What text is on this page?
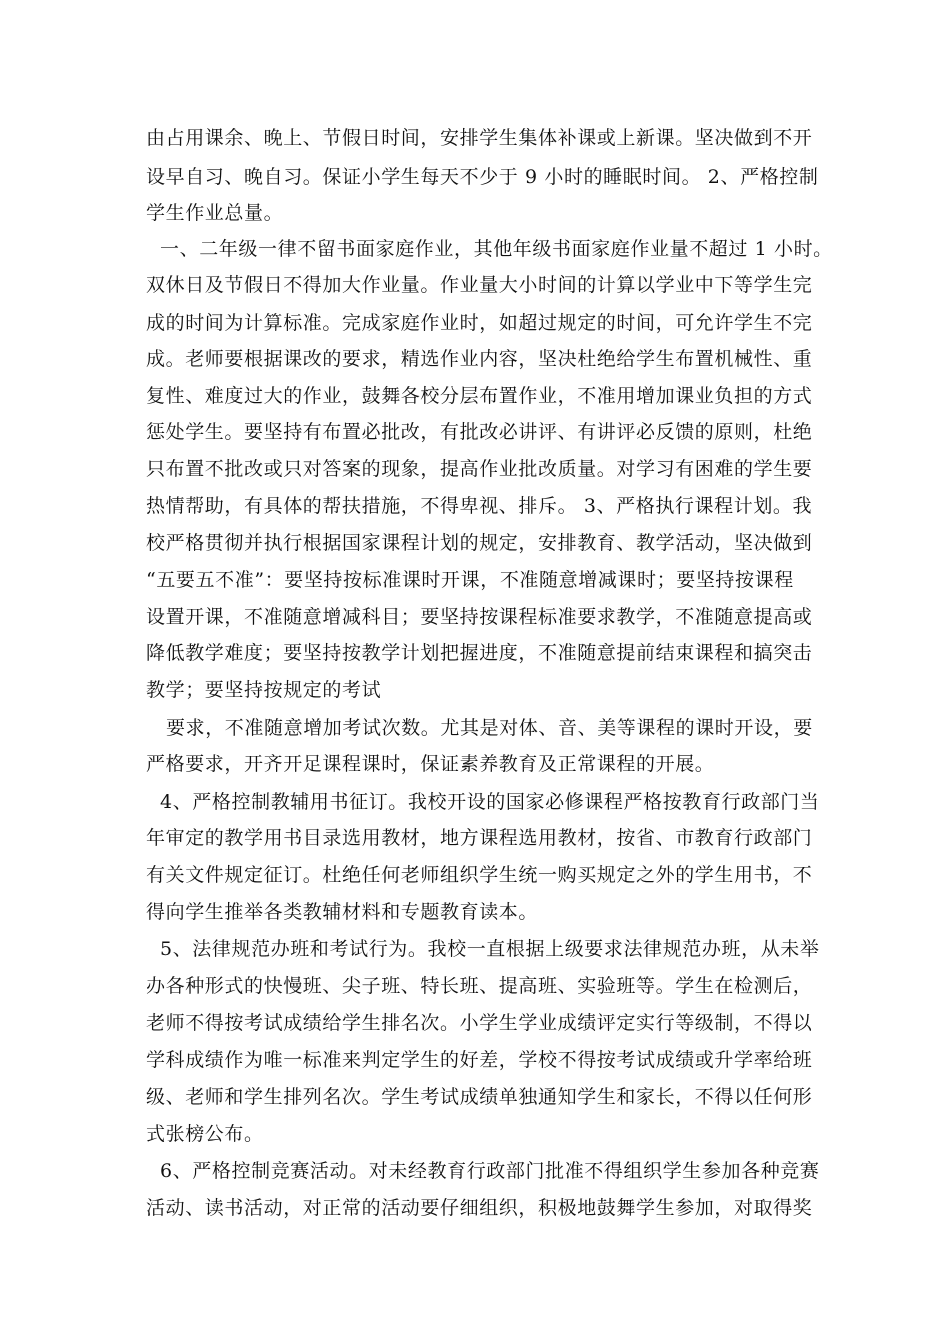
由占用课余、晚上、节假日时间，安排学生集体补课或上新课。坚决做到不开
设早自习、晚自习。保证小学生每天不少于 9 小时的睡眠时间。 2、严格控制
学生作业总量。
一、二年级一律不留书面家庭作业，其他年级书面家庭作业量不超过 1 小时。
双休日及节假日不得加大作业量。作业量大小时间的计算以学业中下等学生完
成的时间为计算标准。完成家庭作业时，如超过规定的时间，可允许学生不完
成。老师要根据课改的要求，精选作业内容，坚决杜绝给学生布置机械性、重
复性、难度过大的作业，鼓舞各校分层布置作业，不准用增加课业负担的方式
惩处学生。要坚持有布置必批改，有批改必讲评、有讲评必反馈的原则，杜绝
只布置不批改或只对答案的现象，提高作业批改质量。对学习有困难的学生要
热情帮助，有具体的帮扶措施，不得卑视、排斥。 3、严格执行课程计划。我
校严格贯彻并执行根据国家课程计划的规定，安排教育、教学活动，坚决做到
“五要五不准”：要坚持按标准课时开课，不准随意增减课时；要坚持按课程
设置开课，不准随意增减科目；要坚持按课程标准要求教学，不准随意提高或
降低教学难度；要坚持按教学计划把握进度，不准随意提前结束课程和搞突击
教学；要坚持按规定的考试
要求，不准随意增加考试次数。尤其是对体、音、美等课程的课时开设，要
严格要求，开齐开足课程课时，保证素养教育及正常课程的开展。
4、严格控制教辅用书征订。我校开设的国家必修课程严格按教育行政部门当
年审定的教学用书目录选用教材，地方课程选用教材，按省、市教育行政部门
有关文件规定征订。杜绝任何老师组织学生统一购买规定之外的学生用书，不
得向学生推举各类教辅材料和专题教育读本。
5、法律规范办班和考试行为。我校一直根据上级要求法律规范办班，从未举
办各种形式的快慢班、尖子班、特长班、提高班、实验班等。学生在检测后，
老师不得按考试成绩给学生排名次。小学生学业成绩评定实行等级制，不得以
学科成绩作为唯一标准来判定学生的好差，学校不得按考试成绩或升学率给班
级、老师和学生排列名次。学生考试成绩单独通知学生和家长，不得以任何形
式张榜公布。
6、严格控制竞赛活动。对未经教育行政部门批准不得组织学生参加各种竞赛
活动、读书活动，对正常的活动要仔细组织，积极地鼓舞学生参加，对取得奖
